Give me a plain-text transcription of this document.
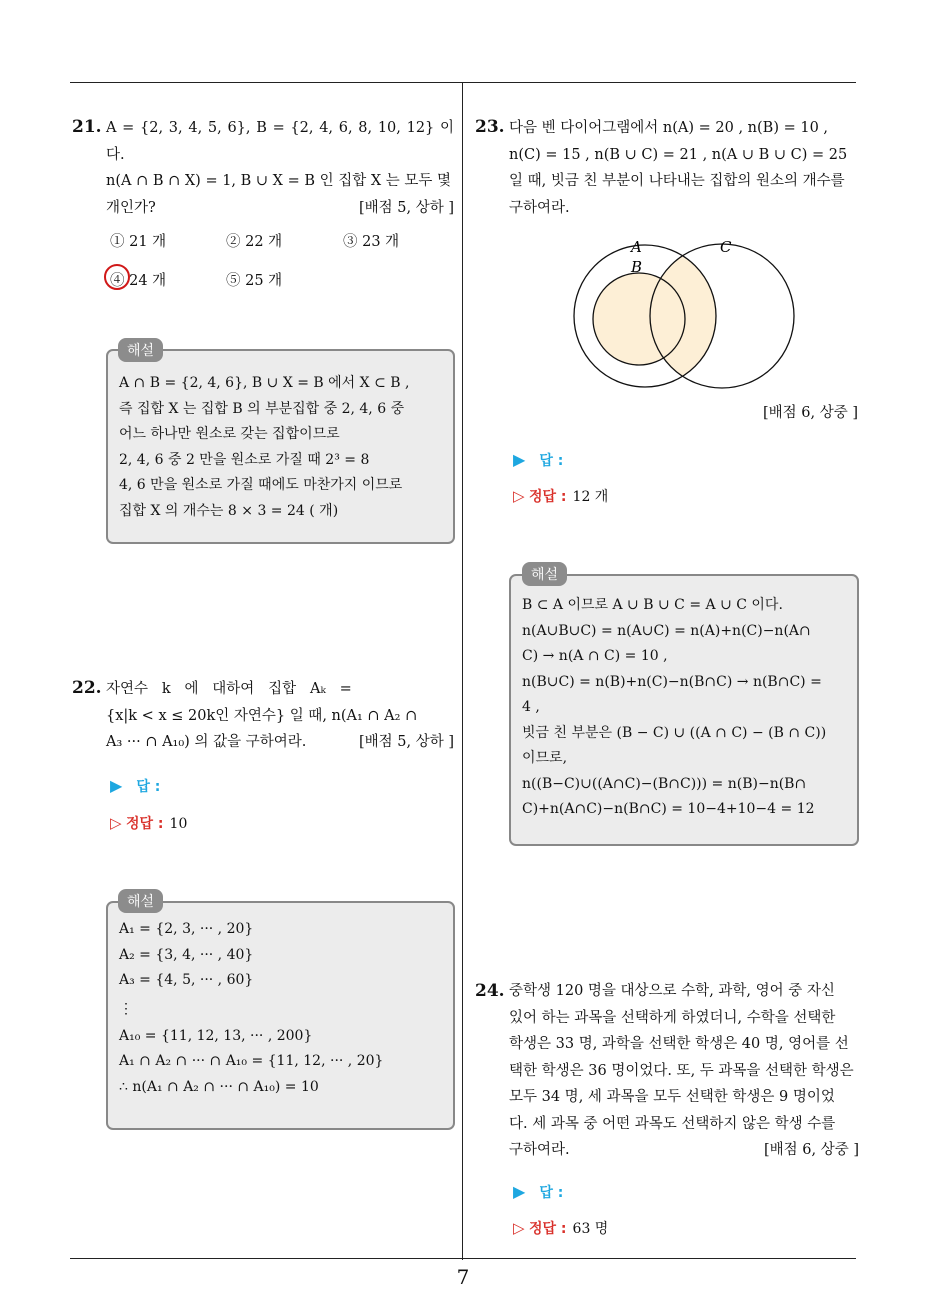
21. A = {2, 3, 4, 5, 6}, B = {2, 4, 6, 8, 10, 12} 이다.
n(A ∩ B ∩ X) = 1, B ∪ X = B 인 집합 X 는 모두 몇
개인가?	[배점 5, 상하 ]
① 21 개	② 22 개	③ 23 개
④ 24 개	⑤ 25 개
A ∩ B = {2, 4, 6}, B ∪ X = B 에서 X ⊂ B ,
즉 집합 X 는 집합 B 의 부분집합 중 2, 4, 6 중
어느 하나만 원소로 갖는 집합이므로
2, 4, 6 중 2 만을 원소로 가질 때 2³ = 8
4, 6 만을 원소로 가질 때에도 마찬가지 이므로
집합 X 의 개수는 8 × 3 = 24 ( 개)
해설
22. 자연수   k   에   대하여   집합   Aₖ   =
{x|k < x ≤ 20k인 자연수} 일 때, n(A₁ ∩ A₂ ∩
A₃ ··· ∩ A₁₀) 의 값을 구하여라.	[배점 5, 상하 ]
▶ 답 :
▷ 정답 : 10
A₁ = {2, 3, ··· , 20}
A₂ = {3, 4, ··· , 40}
A₃ = {4, 5, ··· , 60}
⋮
A₁₀ = {11, 12, 13, ··· , 200}
A₁ ∩ A₂ ∩ ··· ∩ A₁₀ = {11, 12, ··· , 20}
∴ n(A₁ ∩ A₂ ∩ ··· ∩ A₁₀) = 10
해설
23. 다음 벤 다이어그램에서 n(A) = 20 , n(B) = 10 ,
n(C) = 15 , n(B ∪ C) = 21 , n(A ∪ B ∪ C) = 25
일 때, 빗금 친 부분이 나타내는 집합의 원소의 개수를
구하여라.
A
B
C
[배점 6, 상중 ]
▶ 답 :
▷ 정답 : 12 개
B ⊂ A 이므로 A ∪ B ∪ C = A ∪ C 이다.
n(A∪B∪C) = n(A∪C) = n(A)+n(C)−n(A∩
C) → n(A ∩ C) = 10 ,
n(B∪C) = n(B)+n(C)−n(B∩C) → n(B∩C) =
4 ,
빗금 친 부분은 (B − C) ∪ ((A ∩ C) − (B ∩ C))
이므로,
n((B−C)∪((A∩C)−(B∩C))) = n(B)−n(B∩
C)+n(A∩C)−n(B∩C) = 10−4+10−4 = 12
해설
24. 중학생 120 명을 대상으로 수학, 과학, 영어 중 자신
있어 하는 과목을 선택하게 하였더니, 수학을 선택한
학생은 33 명, 과학을 선택한 학생은 40 명, 영어를 선
택한 학생은 36 명이었다. 또, 두 과목을 선택한 학생은
모두 34 명, 세 과목을 모두 선택한 학생은 9 명이었
다. 세 과목 중 어떤 과목도 선택하지 않은 학생 수를
구하여라.	[배점 6, 상중 ]
▶ 답 :
▷ 정답 : 63 명
7
